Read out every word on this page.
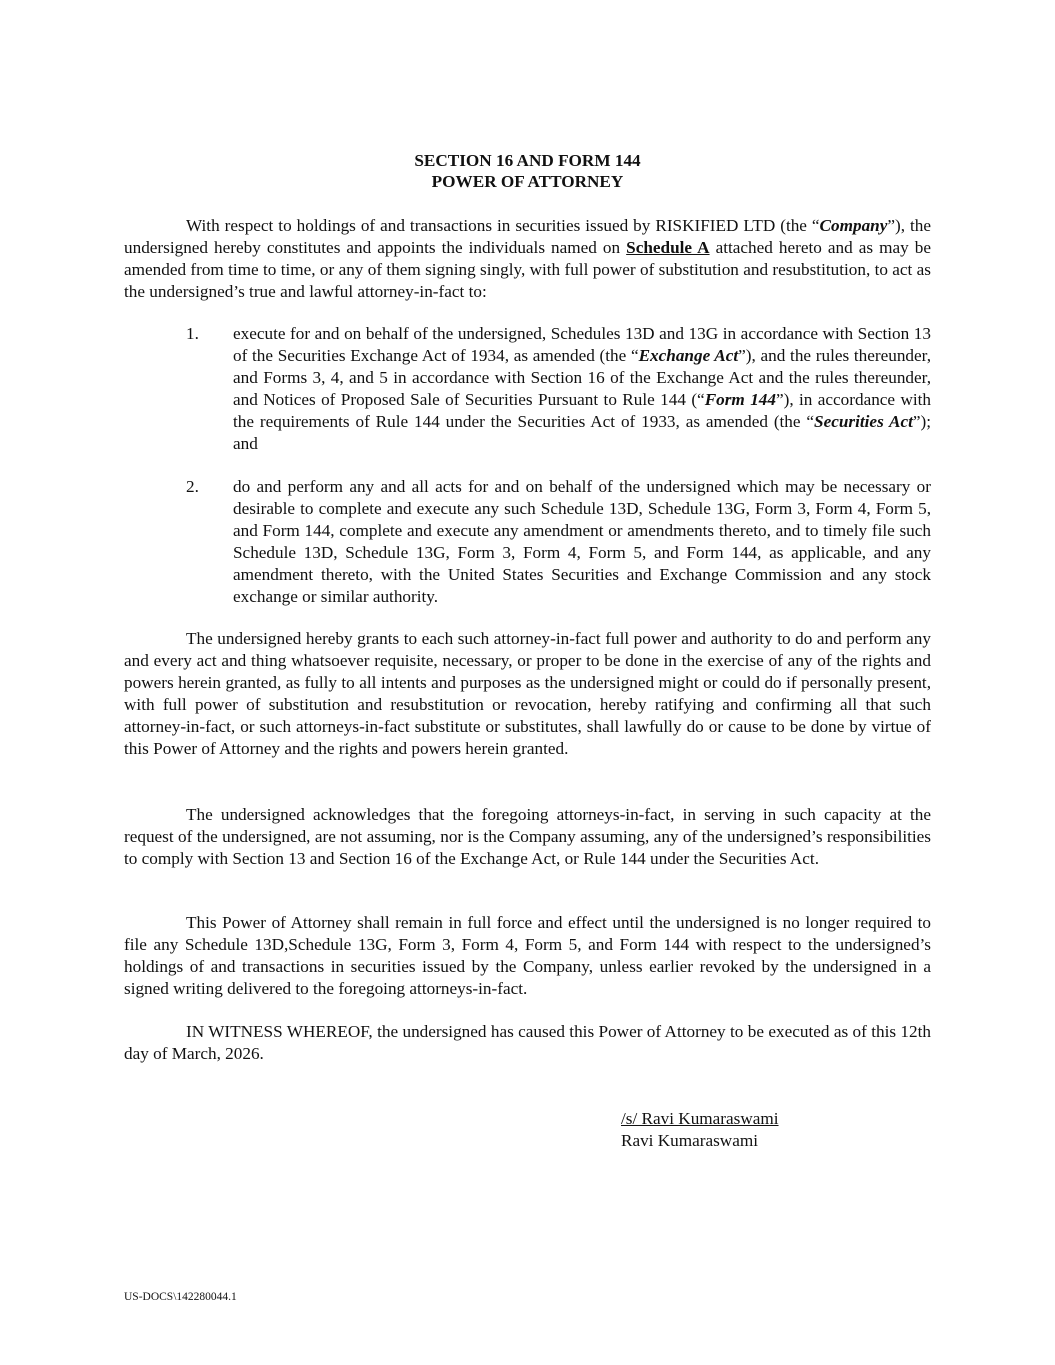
SECTION 16 AND FORM 144
POWER OF ATTORNEY

With respect to holdings of and transactions in securities issued by RISKIFIED LTD (the “Company”), the undersigned hereby constitutes and appoints the individuals named on Schedule A attached hereto and as may be amended from time to time, or any of them signing singly, with full power of substitution and resubstitution, to act as the undersigned’s true and lawful attorney-in-fact to:

1. execute for and on behalf of the undersigned, Schedules 13D and 13G in accordance with Section 13 of the Securities Exchange Act of 1934, as amended (the “Exchange Act”), and the rules thereunder, and Forms 3, 4, and 5 in accordance with Section 16 of the Exchange Act and the rules thereunder, and Notices of Proposed Sale of Securities Pursuant to Rule 144 (“Form 144”), in accordance with the requirements of Rule 144 under the Securities Act of 1933, as amended (the “Securities Act”); and

2. do and perform any and all acts for and on behalf of the undersigned which may be necessary or desirable to complete and execute any such Schedule 13D, Schedule 13G, Form 3, Form 4, Form 5, and Form 144, complete and execute any amendment or amendments thereto, and to timely file such Schedule 13D, Schedule 13G, Form 3, Form 4, Form 5, and Form 144, as applicable, and any amendment thereto, with the United States Securities and Exchange Commission and any stock exchange or similar authority.

The undersigned hereby grants to each such attorney-in-fact full power and authority to do and perform any and every act and thing whatsoever requisite, necessary, or proper to be done in the exercise of any of the rights and powers herein granted, as fully to all intents and purposes as the undersigned might or could do if personally present, with full power of substitution and resubstitution or revocation, hereby ratifying and confirming all that such attorney-in-fact, or such attorneys-in-fact substitute or substitutes, shall lawfully do or cause to be done by virtue of this Power of Attorney and the rights and powers herein granted.

The undersigned acknowledges that the foregoing attorneys-in-fact, in serving in such capacity at the request of the undersigned, are not assuming, nor is the Company assuming, any of the undersigned’s responsibilities to comply with Section 13 and Section 16 of the Exchange Act, or Rule 144 under the Securities Act.

This Power of Attorney shall remain in full force and effect until the undersigned is no longer required to file any Schedule 13D,Schedule 13G, Form 3, Form 4, Form 5, and Form 144 with respect to the undersigned’s holdings of and transactions in securities issued by the Company, unless earlier revoked by the undersigned in a signed writing delivered to the foregoing attorneys-in-fact.

IN WITNESS WHEREOF, the undersigned has caused this Power of Attorney to be executed as of this 12th day of March, 2026.

/s/ Ravi Kumaraswami
Ravi Kumaraswami
US-DOCS\142280044.1
